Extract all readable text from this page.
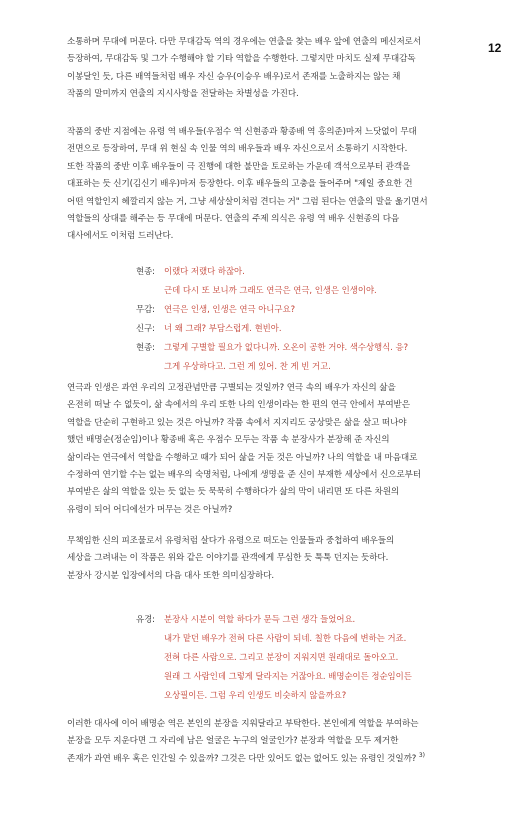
12
소통하며 무대에 머문다. 다만 무대감독 역의 경우에는 연출을 찾는 배우 앞에 연출의 메신저로서
등장하여, 무대감독 및 그가 수행해야 할 기타 역할을 수행한다. 그렇지만 마치도 실제 무대감독
이봉달인 듯, 다른 배역들처럼 배우 자신 승우(이승우 배우)로서 존재를 노출하지는 않는 채
작품의 말미까지 연출의 지시사항을 전달하는 차별성을 가진다.
작품의 중반 지점에는 유령 역 배우들(우점수 역 신현종과 황종배 역 홍의준)마저 느닷없이 무대
전면으로 등장하여, 무대 위 현실 속 인물 역의 배우들과 배우 자신으로서 소통하기 시작한다.
또한 작품의 중반 이후 배우들이 극 진행에 대한 불만을 토로하는 가운데 객석으로부터 관객을
대표하는 듯 신기(김신기 배우)마저 등장한다. 이후 배우들의 고충을 들어주며 "제일 중요한 건
어떤 역할인지 헤깔리지 않는 거, 그냥 세상살이처럼 견디는 거" 그럼 된다는 연출의 말을 옮기면서
역할들의 상대를 해주는 등 무대에 머문다. 연출의 주제 의식은 유령 역 배우 신현종의 다음
대사에서도 이처럼 드러난다.
현종: 이랬다 저랬다 하잖아.
근데 다시 또 보니까 그래도 연극은 연극, 인생은 인생이야.
무감: 연극은 인생, 인생은 연극 아니구요?
신구: 너 왜 그래? 부담스럽게. 현빈아.
현종: 그렇게 구별할 필요가 없다니까. 오온이 공한 거야. 색수상행식. 응?
그게 우상하다고. 그런 게 있어. 찬 게 빈 거고.
연극과 인생은 과연 우리의 고정관념만큼 구별되는 것일까? 연극 속의 배우가 자신의 삶을
온전히 떠날 수 없듯이, 삶 속에서의 우리 또한 나의 인생이라는 한 편의 연극 안에서 부여받은
역할을 단순히 구현하고 있는 것은 아닐까? 작품 속에서 지지리도 궁상맞은 삶을 살고 떠나야
했던 배명순(정순임)이나 황종배 혹은 우점수 모두는 작품 속 분장사가 분장해 준 자신의
삶이라는 연극에서 역할을 수행하고 때가 되어 삶을 거둔 것은 아닐까? 나의 역할을 내 마음대로
수정하여 연기할 수는 없는 배우의 숙명처럼, 나에게 생명을 준 신이 부재한 세상에서 신으로부터
부여받은 삶의 역할을 있는 듯 없는 듯 묵묵히 수행하다가 삶의 막이 내리면 또 다른 차원의
유령이 되어 어디에선가 머무는 것은 아닐까?
무책임한 신의 피조물로서 유령처럼 살다가 유령으로 떠도는 인물들과 중첩하여 배우들의
세상을 그려내는 이 작품은 위와 같은 이야기를 관객에게 무심한 듯 툭툭 던지는 듯하다.
분장사 강시분 입장에서의 다음 대사 또한 의미심장하다.
유경: 분장사 시분이 역할 하다가 문득 그런 생각 들었어요.
내가 맡던 배우가 전혀 다른 사람이 되네. 칠한 다음에 변하는 거죠.
전혀 다른 사람으로. 그리고 분장이 지워지면 원래대로 돌아오고.
원래 그 사람인데 그렇게 달라지는 거잖아요. 배명순이든 정순임이든
오상필이든. 그럼 우리 인생도 비슷하지 않을까요?
이러한 대사에 이어 배명순 역은 본인의 분장을 지워달라고 부탁한다. 본인에게 역할을 부여하는
분장을 모두 지운다면 그 자리에 남은 얼굴은 누구의 얼굴인가? 분장과 역할을 모두 제거한
존재가 과연 배우 혹은 인간일 수 있을까? 그것은 다만 있어도 없는 없어도 있는 유령인 것일까? $^{3)}$
